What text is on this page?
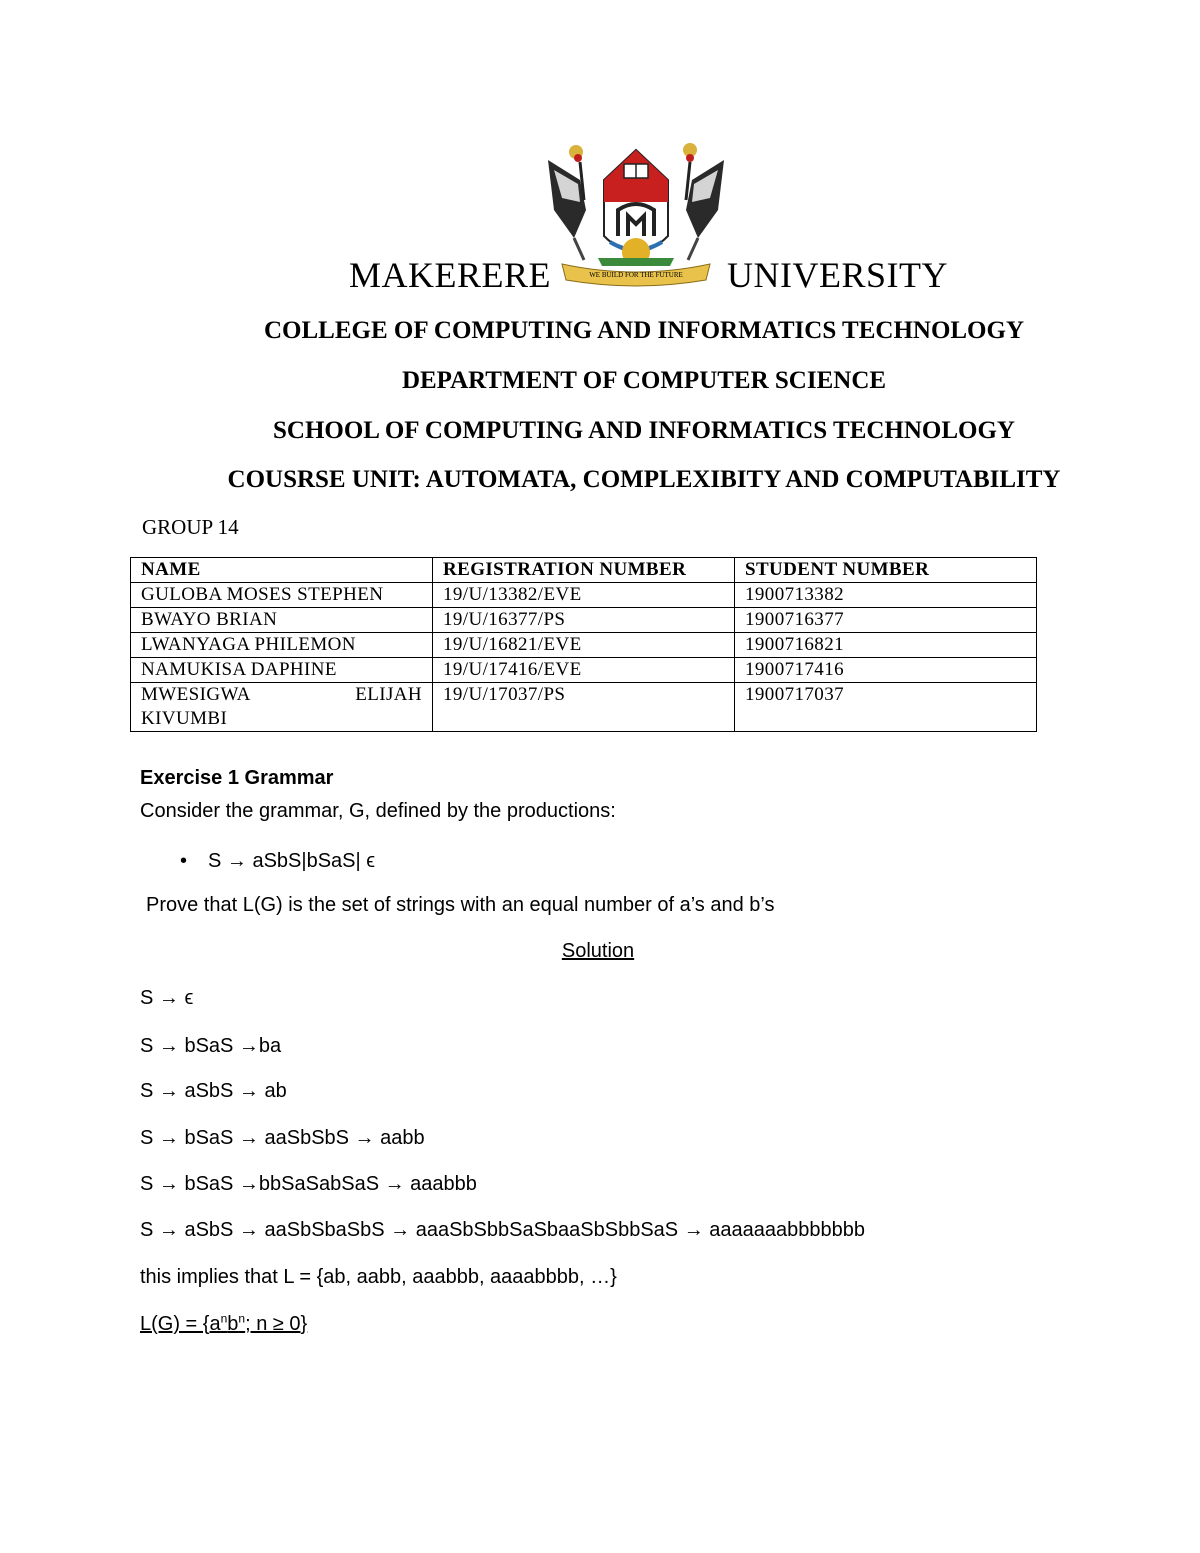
WE BUILD FOR THE FUTURE
MAKERERE	UNIVERSITY
COLLEGE OF COMPUTING AND INFORMATICS TECHNOLOGY
DEPARTMENT OF COMPUTER SCIENCE
SCHOOL OF COMPUTING AND INFORMATICS TECHNOLOGY
COUSRSE UNIT: AUTOMATA, COMPLEXIBITY AND COMPUTABILITY
GROUP 14
NAME	REGISTRATION NUMBER	STUDENT NUMBER
GULOBA MOSES STEPHEN	19/U/13382/EVE	1900713382
BWAYO BRIAN	19/U/16377/PS	1900716377
LWANYAGA PHILEMON	19/U/16821/EVE	1900716821
NAMUKISA DAPHINE	19/U/17416/EVE	1900717416

MWESIGWA ELIJAH
KIVUMBI	19/U/17037/PS	1900717037
Exercise 1 Grammar
Consider the grammar, G, defined by the productions:
• S → aSbS|bSaS| ϵ
Prove that L(G) is the set of strings with an equal number of a’s and b’s
Solution
S → ϵ
S → bSaS →ba
S → aSbS → ab
S → bSaS → aaSbSbS → aabb
S → bSaS →bbSaSabSaS → aaabbb
S → aSbS → aaSbSbaSbS → aaaSbSbbSaSbaaSbSbbSaS → aaaaaaabbbbbbb
this implies that L = {ab, aabb, aaabbb, aaaabbbb, …}
$L(G) = \{a^nb^n$; n ≥ 0}
